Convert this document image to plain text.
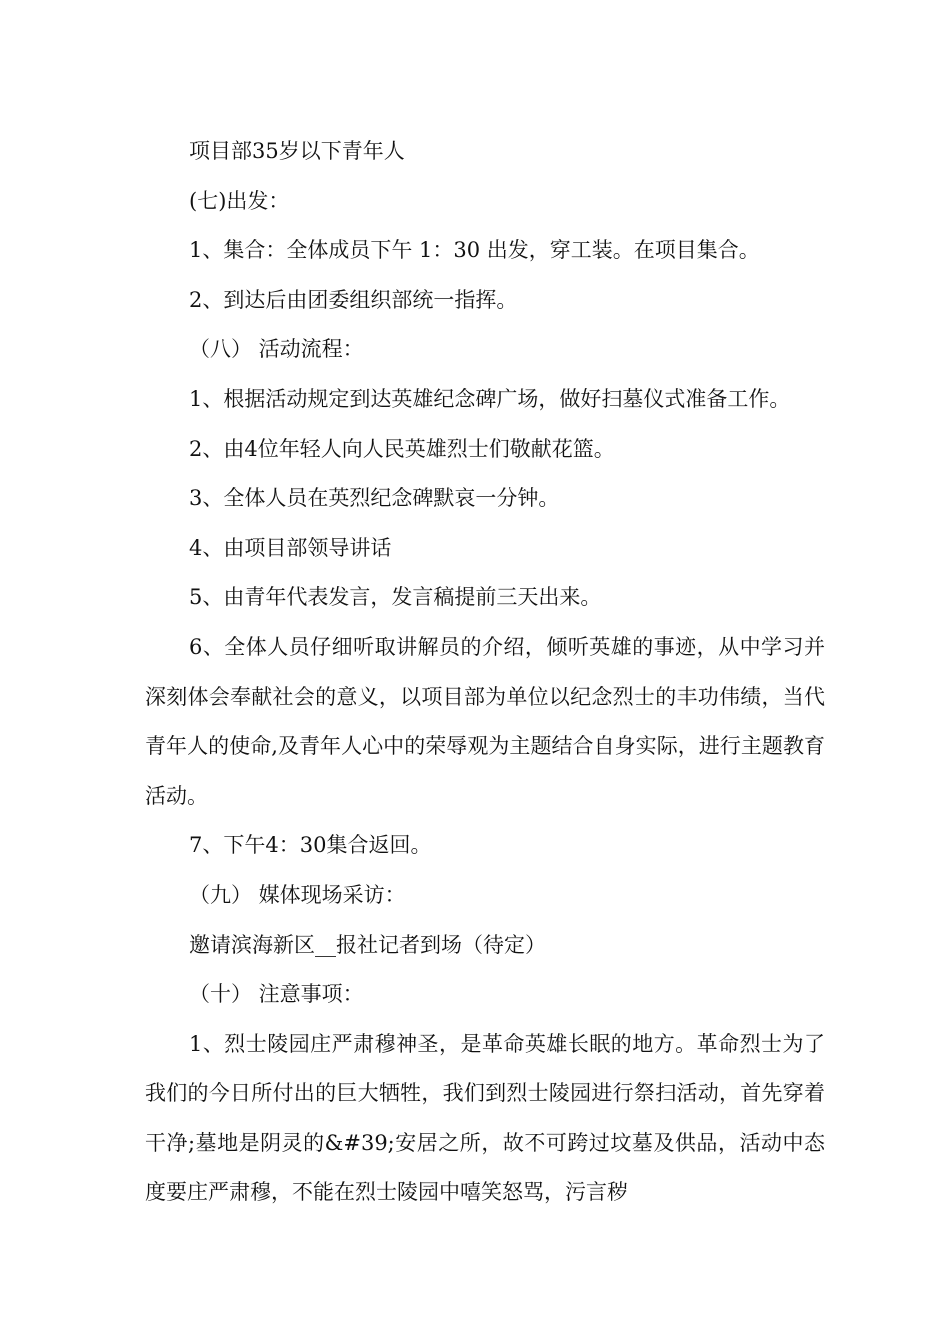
项目部35岁以下青年人

(七)出发：

1、集合：全体成员下午 1：30 出发，穿工装。在项目集合。

2、到达后由团委组织部统一指挥。

（八） 活动流程：

1、根据活动规定到达英雄纪念碑广场，做好扫墓仪式准备工作。

2、由4位年轻人向人民英雄烈士们敬献花篮。

3、全体人员在英烈纪念碑默哀一分钟。

4、由项目部领导讲话

5、由青年代表发言，发言稿提前三天出来。

6、全体人员仔细听取讲解员的介绍，倾听英雄的事迹，从中学习并深刻体会奉献社会的意义，以项目部为单位以纪念烈士的丰功伟绩，当代青年人的使命,及青年人心中的荣辱观为主题结合自身实际，进行主题教育活动。

7、下午4：30集合返回。

（九） 媒体现场采访：

邀请滨海新区__报社记者到场（待定）

（十） 注意事项：

1、烈士陵园庄严肃穆神圣，是革命英雄长眠的地方。革命烈士为了我们的今日所付出的巨大牺牲，我们到烈士陵园进行祭扫活动，首先穿着干净;墓地是阴灵的&#39;安居之所，故不可跨过坟墓及供品，活动中态度要庄严肃穆，不能在烈士陵园中嘻笑怒骂，污言秽
